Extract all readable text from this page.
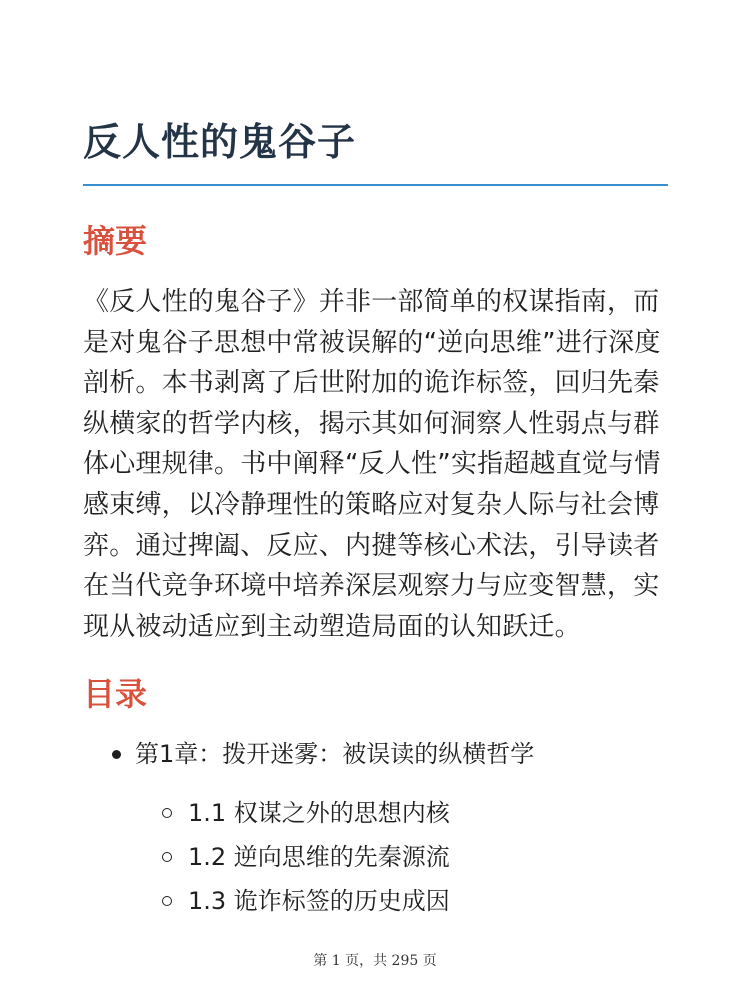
反人性的鬼谷子
摘要

《反人性的鬼谷子》并非一部简单的权谋指南，而是对鬼谷子思想中常被误解的“逆向思维”进行深度剖析。本书剥离了后世附加的诡诈标签，回归先秦纵横家的哲学内核，揭示其如何洞察人性弱点与群体心理规律。书中阐释“反人性”实指超越直觉与情感束缚，以冷静理性的策略应对复杂人际与社会博弈。通过捭阖、反应、内揵等核心术法，引导读者在当代竞争环境中培养深层观察力与应变智慧，实现从被动适应到主动塑造局面的认知跃迁。

目录
第1章：拨开迷雾：被误读的纵横哲学
1.1 权谋之外的思想内核
1.2 逆向思维的先秦源流
1.3 诡诈标签的历史成因
第 1 页，共 295 页
